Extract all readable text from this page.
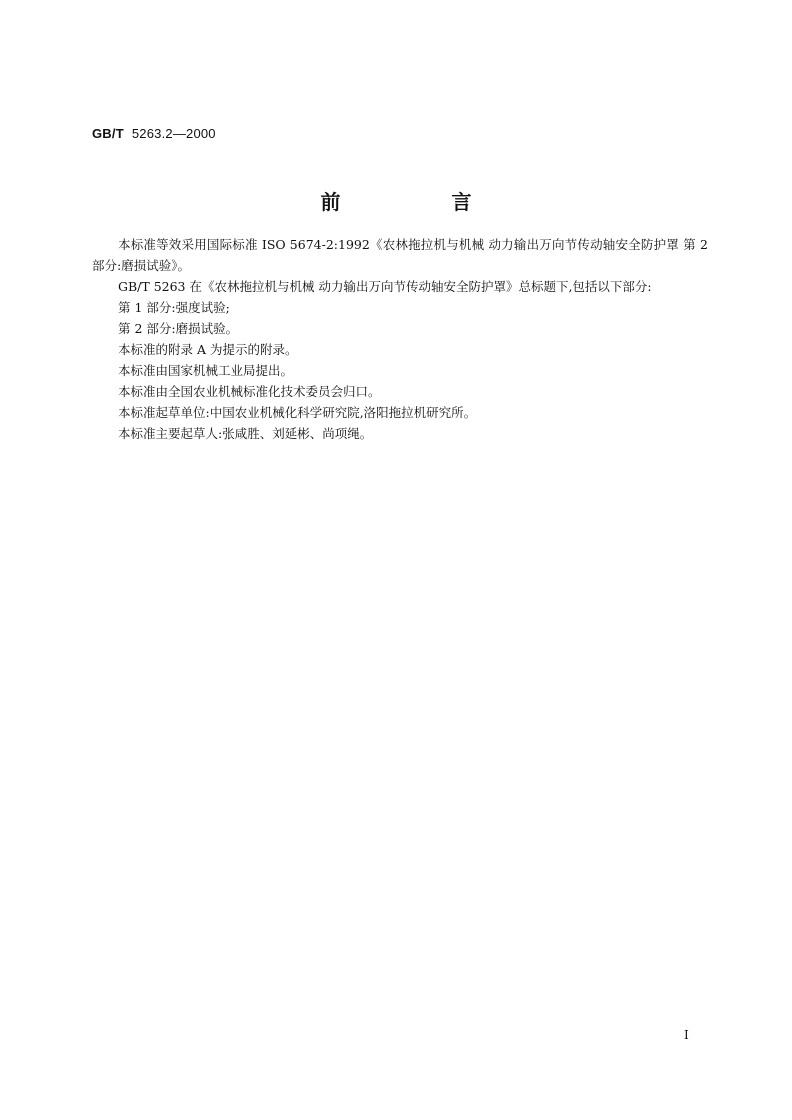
GB/T 5263.2—2000
前 言

本标准等效采用国际标准 ISO 5674-2:1992《农林拖拉机与机械 动力输出万向节传动轴安全防护罩 第 2 部分:磨损试验》。

GB/T 5263 在《农林拖拉机与机械 动力输出万向节传动轴安全防护罩》总标题下,包括以下部分:

第 1 部分:强度试验;

第 2 部分:磨损试验。

本标准的附录 A 为提示的附录。

本标准由国家机械工业局提出。

本标准由全国农业机械标准化技术委员会归口。

本标准起草单位:中国农业机械化科学研究院,洛阳拖拉机研究所。

本标准主要起草人:张咸胜、刘延彬、尚项绳。

I
